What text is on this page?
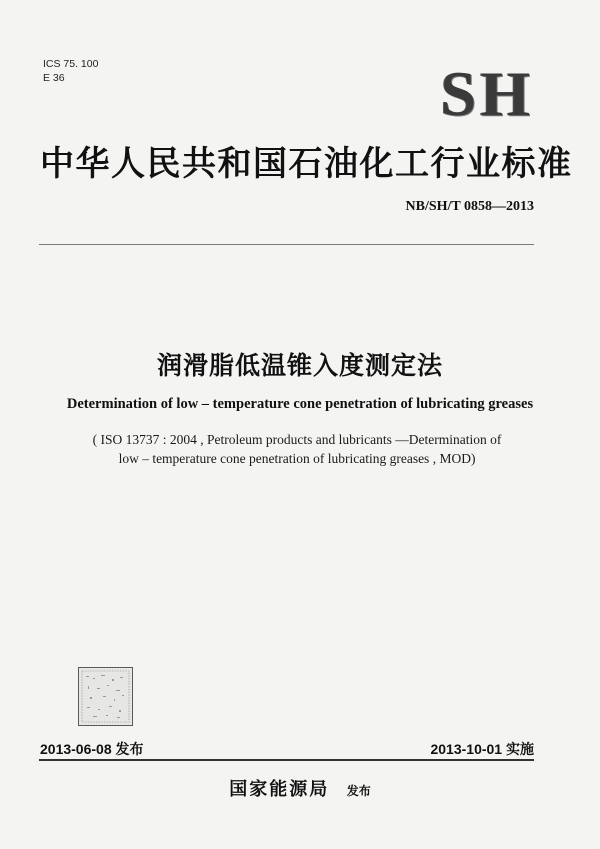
ICS 75. 100
E 36	SH
中华人民共和国石油化工行业标准
NB/SH/T 0858—2013
润滑脂低温锥入度测定法
Determination of low – temperature cone penetration of lubricating greases
( ISO 13737 : 2004 , Petroleum products and lubricants —Determination of
low – temperature cone penetration of lubricating greases , MOD)
2013-06-08 发布	2013-10-01 实施
国家能源局 发布
